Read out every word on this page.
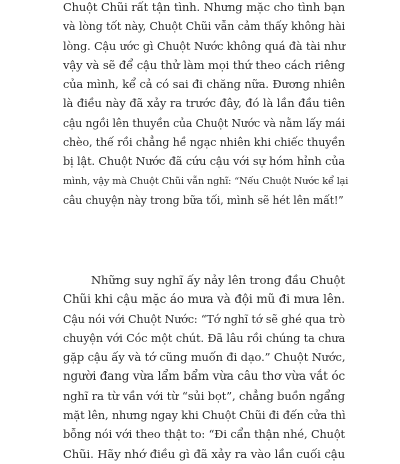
Chuột Chũi rất tận tình. Nhưng mặc cho tình bạn
và lòng tốt này, Chuột Chũi vẫn cảm thấy không hài
lòng. Cậu ước gì Chuột Nước không quá đà tài như
vậy và sẽ để cậu thử làm mọi thứ theo cách riêng
của mình, kể cả có sai đi chăng nữa. Đương nhiên
là điều này đã xảy ra trước đây, đó là lần đầu tiên
cậu ngồi lên thuyền của Chuột Nước và nằm lấy mái
chèo, thế rồi chẳng hề ngạc nhiên khi chiếc thuyền
bị lật. Chuột Nước đã cứu cậu với sự hóm hỉnh của
mình, vậy mà Chuột Chũi vẫn nghĩ: “Nếu Chuột Nước kể lại
câu chuyện này trong bữa tối, mình sẽ hét lên mất!”
Những suy nghĩ ấy nảy lên trong đầu Chuột
Chũi khi cậu mặc áo mưa và đội mũ đi mưa lên.
Cậu nói với Chuột Nước: “Tớ nghĩ tớ sẽ ghé qua trò
chuyện với Cóc một chút. Đã lâu rồi chúng ta chưa
gặp cậu ấy và tớ cũng muốn đi dạo.” Chuột Nước,
người đang vừa lẩm bẩm vừa câu thơ vừa vắt óc
nghĩ ra từ vần với từ “sủi bọt”, chẳng buồn ngẩng
mặt lên, nhưng ngay khi Chuột Chũi đi đến cửa thì
bỗng nói với theo thật to: “Đi cẩn thận nhé, Chuột
Chũi. Hãy nhớ điều gì đã xảy ra vào lần cuối cậu
